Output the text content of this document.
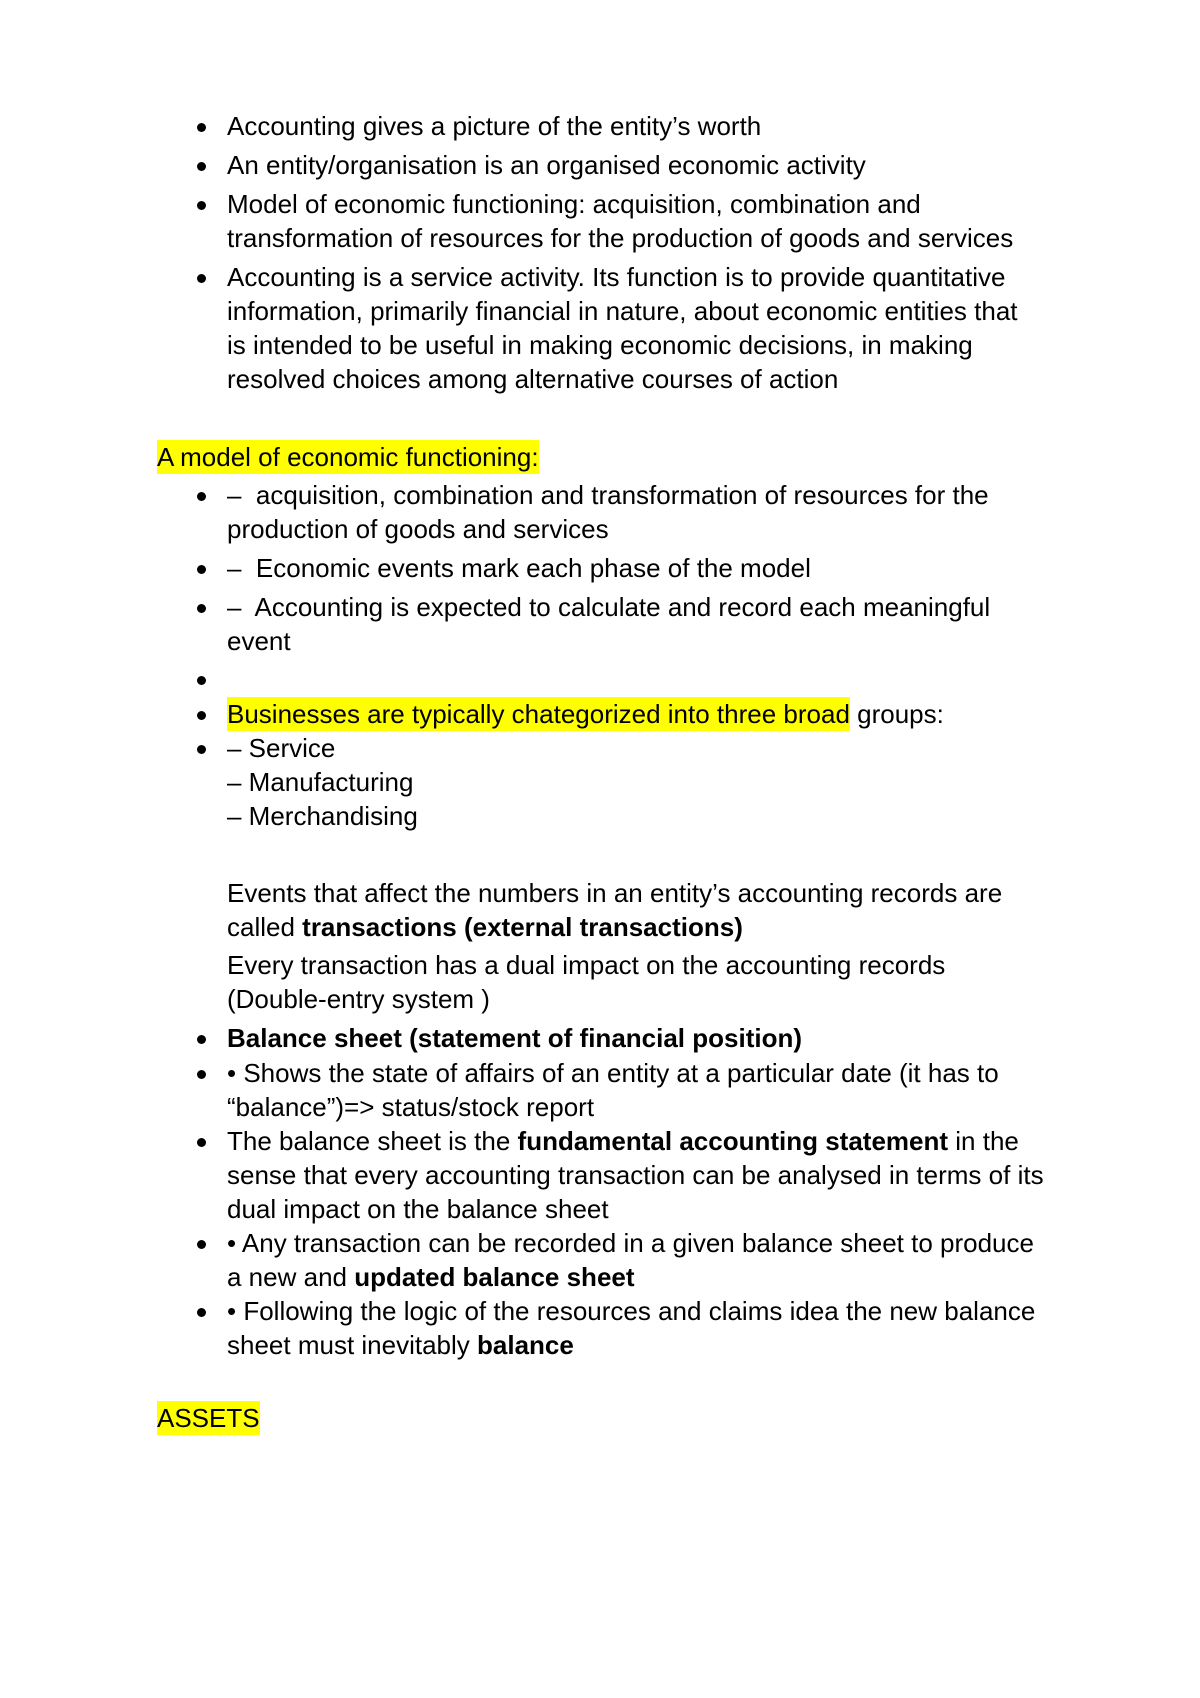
Accounting gives a picture of the entity’s worth
An entity/organisation is an organised economic activity
Model of economic functioning: acquisition, combination and
transformation of resources for the production of goods and services
Accounting is a service activity. Its function is to provide quantitative
information, primarily financial in nature, about economic entities that
is intended to be useful in making economic decisions, in making
resolved choices among alternative courses of action
A model of economic functioning:
–  acquisition, combination and transformation of resources for the
production of goods and services
–  Economic events mark each phase of the model
–  Accounting is expected to calculate and record each meaningful
event
Businesses are typically chategorized into three broad groups:
– Service
– Manufacturing
– Merchandising
Events that affect the numbers in an entity’s accounting records are
called transactions (external transactions)
Every transaction has a dual impact on the accounting records
(Double-entry system )
Balance sheet (statement of financial position)
• Shows the state of affairs of an entity at a particular date (it has to
“balance”)=> status/stock report
The balance sheet is the fundamental accounting statement in the
sense that every accounting transaction can be analysed in terms of its
dual impact on the balance sheet
• Any transaction can be recorded in a given balance sheet to produce
a new and updated balance sheet
• Following the logic of the resources and claims idea the new balance
sheet must inevitably balance
ASSETS
